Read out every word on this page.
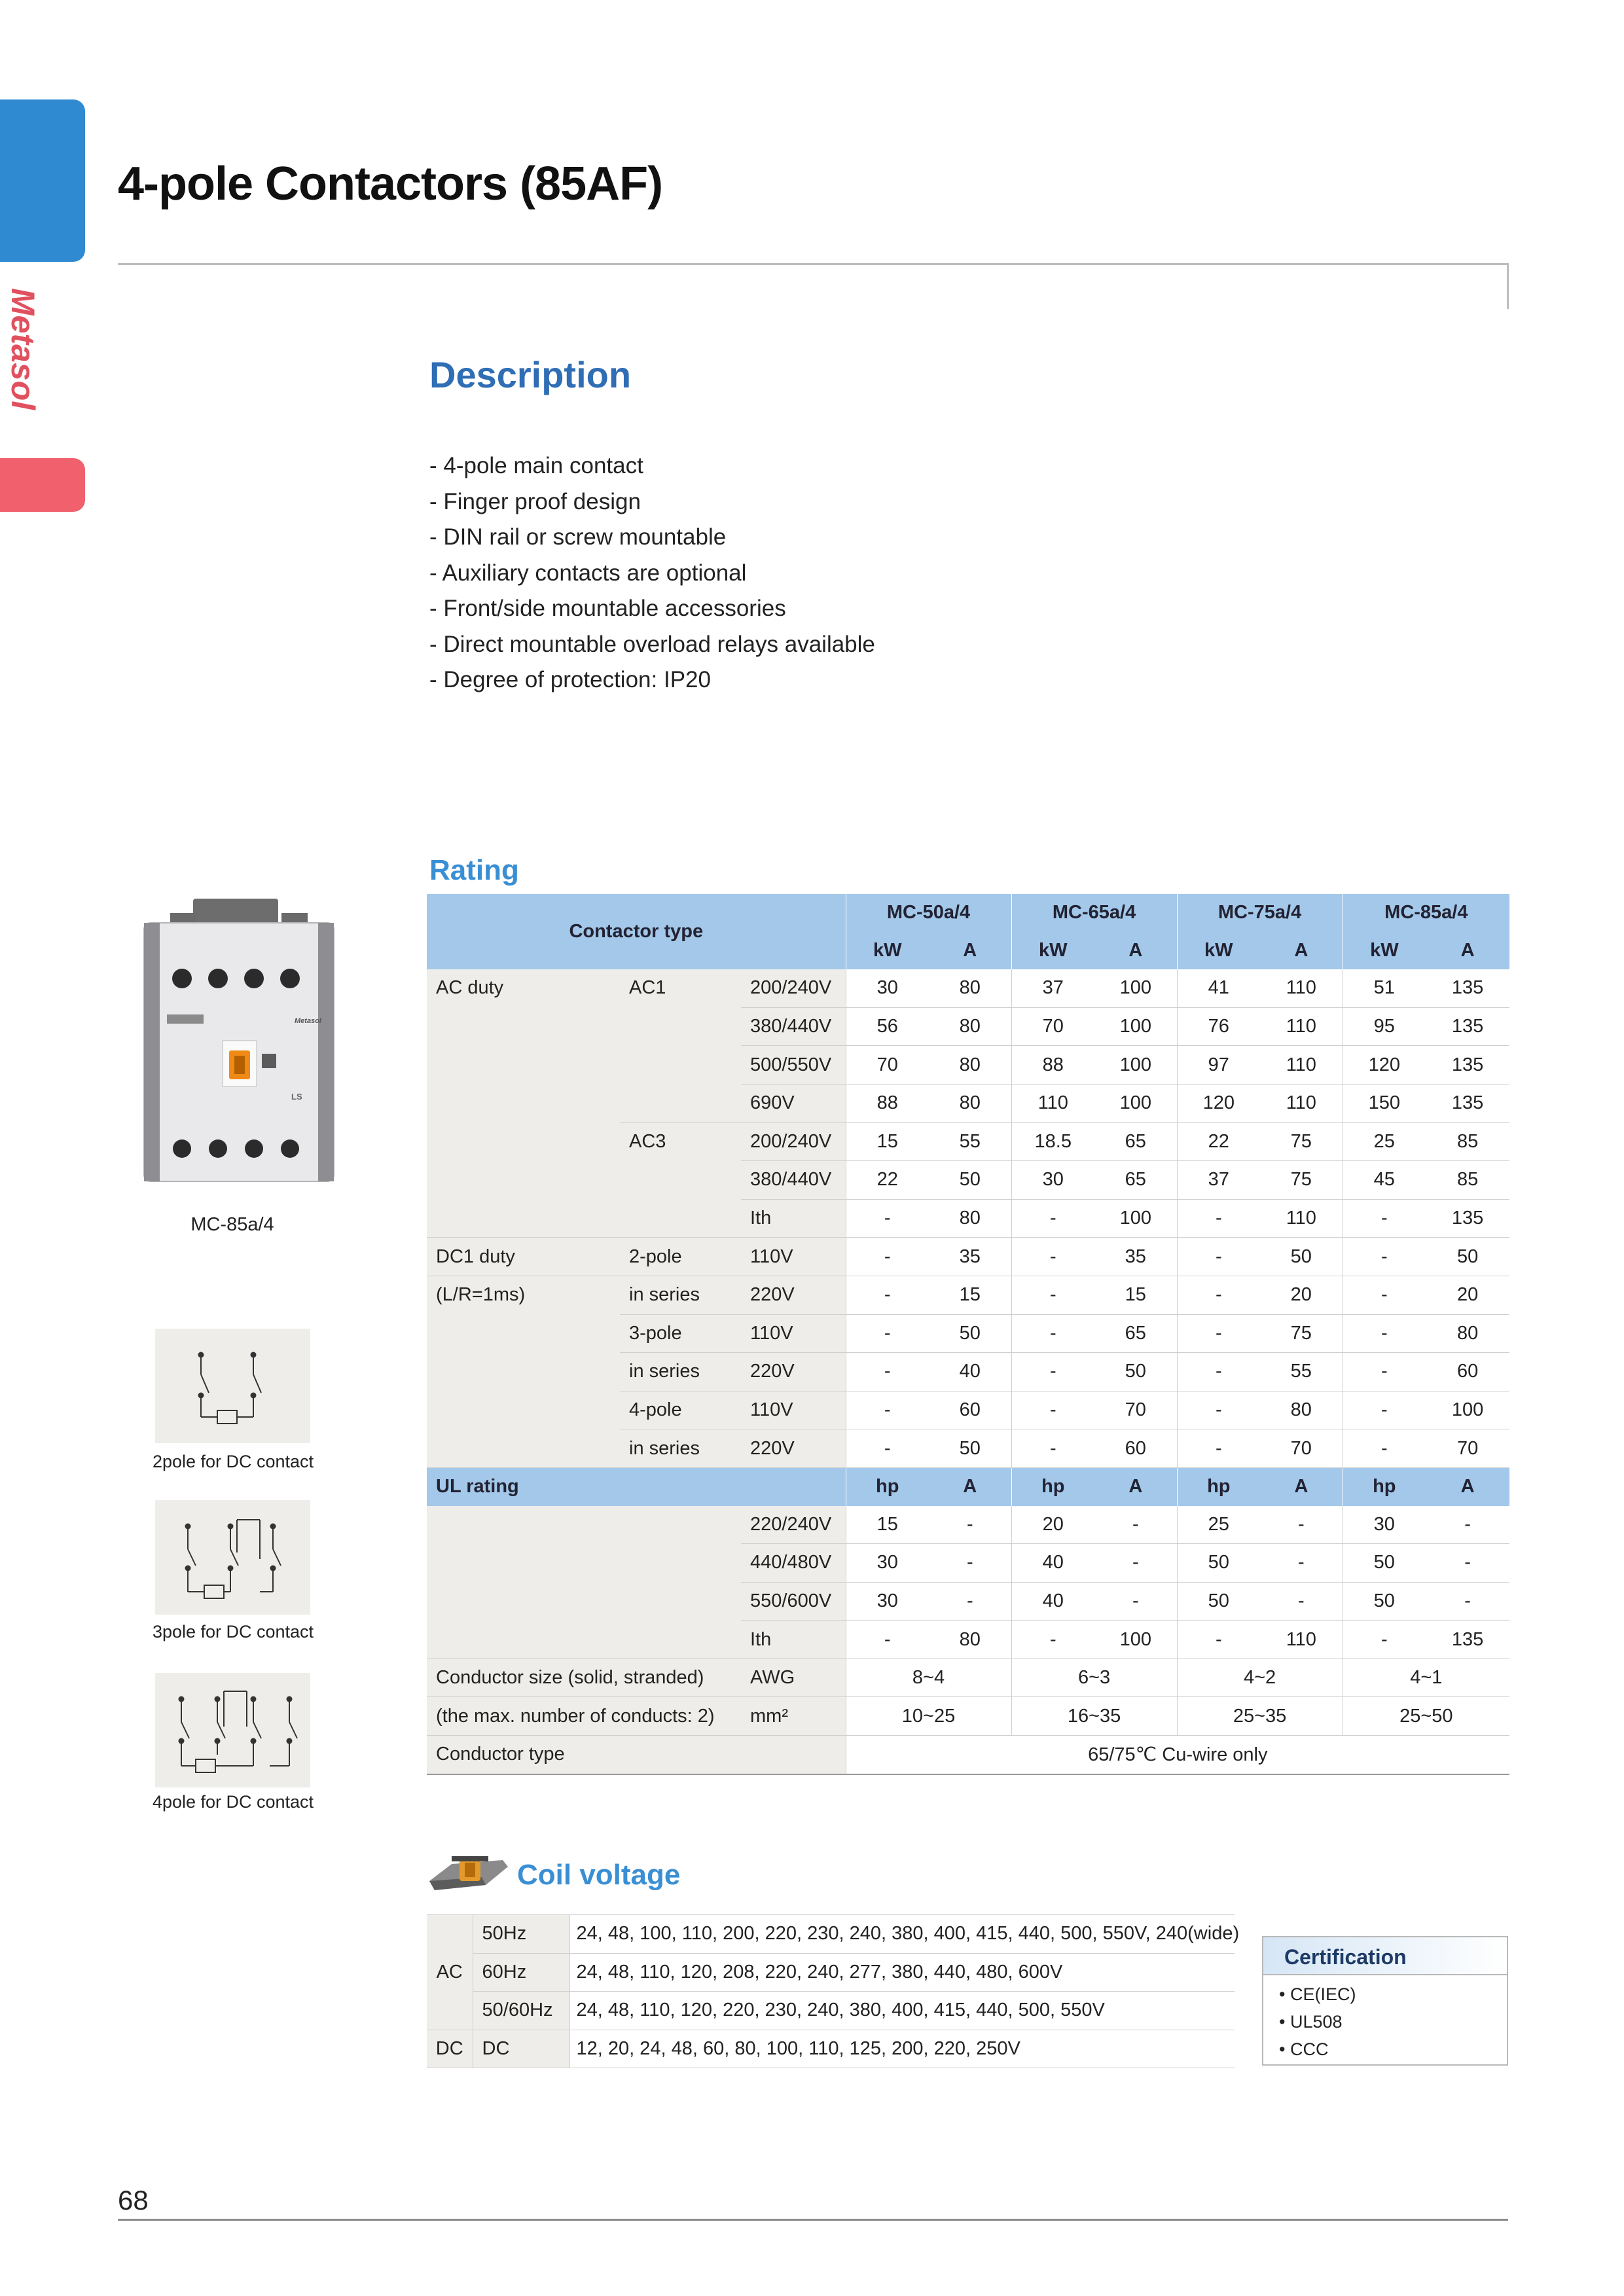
Metasol
4-pole Contactors (85AF)
Description
- 4-pole main contact
- Finger proof design
- DIN rail or screw mountable
- Auxiliary contacts are optional
- Front/side mountable accessories
- Direct mountable overload relays available
- Degree of protection: IP20
Metasol
LS
MC-85a/4
2pole for DC contact
3pole for DC contact
4pole for DC contact
Rating
Contactor type			MC-50a/4		MC-65a/4		MC-75a/4		MC-85a/4	
			kW	A	kW	A	kW	A	kW	A
AC duty	AC1	200/240V	30	80	37	100	41	110	51	135
		380/440V	56	80	70	100	76	110	95	135
		500/550V	70	80	88	100	97	110	120	135
		690V	88	80	110	100	120	110	150	135
	AC3	200/240V	15	55	18.5	65	22	75	25	85
		380/440V	22	50	30	65	37	75	45	85
		Ith	-	80	-	100	-	110	-	135
DC1 duty	2-pole	110V	-	35	-	35	-	50	-	50
(L/R=1ms)	in series	220V	-	15	-	15	-	20	-	20
	3-pole	110V	-	50	-	65	-	75	-	80
	in series	220V	-	40	-	50	-	55	-	60
	4-pole	110V	-	60	-	70	-	80	-	100
	in series	220V	-	50	-	60	-	70	-	70
UL rating			hp	A	hp	A	hp	A	hp	A
		220/240V	15	-	20	-	25	-	30	-
		440/480V	30	-	40	-	50	-	50	-
		550/600V	30	-	40	-	50	-	50	-
		Ith	-	80	-	100	-	110	-	135
Conductor size (solid, stranded)		AWG	8~4		6~3		4~2		4~1	
(the max. number of conducts: 2)		mm²	10~25		16~35		25~35		25~50	
Conductor type			65/75℃ Cu-wire only							
Coil voltage
AC	50Hz	24, 48, 100, 110, 200, 220, 230, 240, 380, 400, 415, 440, 500, 550V, 240(wide)
	60Hz	24, 48, 110, 120, 208, 220, 240, 277, 380, 440, 480, 600V
	50/60Hz	24, 48, 110, 120, 220, 230, 240, 380, 400, 415, 440, 500, 550V
DC	DC	12, 20, 24, 48, 60, 80, 100, 110, 125, 200, 220, 250V
Certification
• CE(IEC)
• UL508
• CCC
68
